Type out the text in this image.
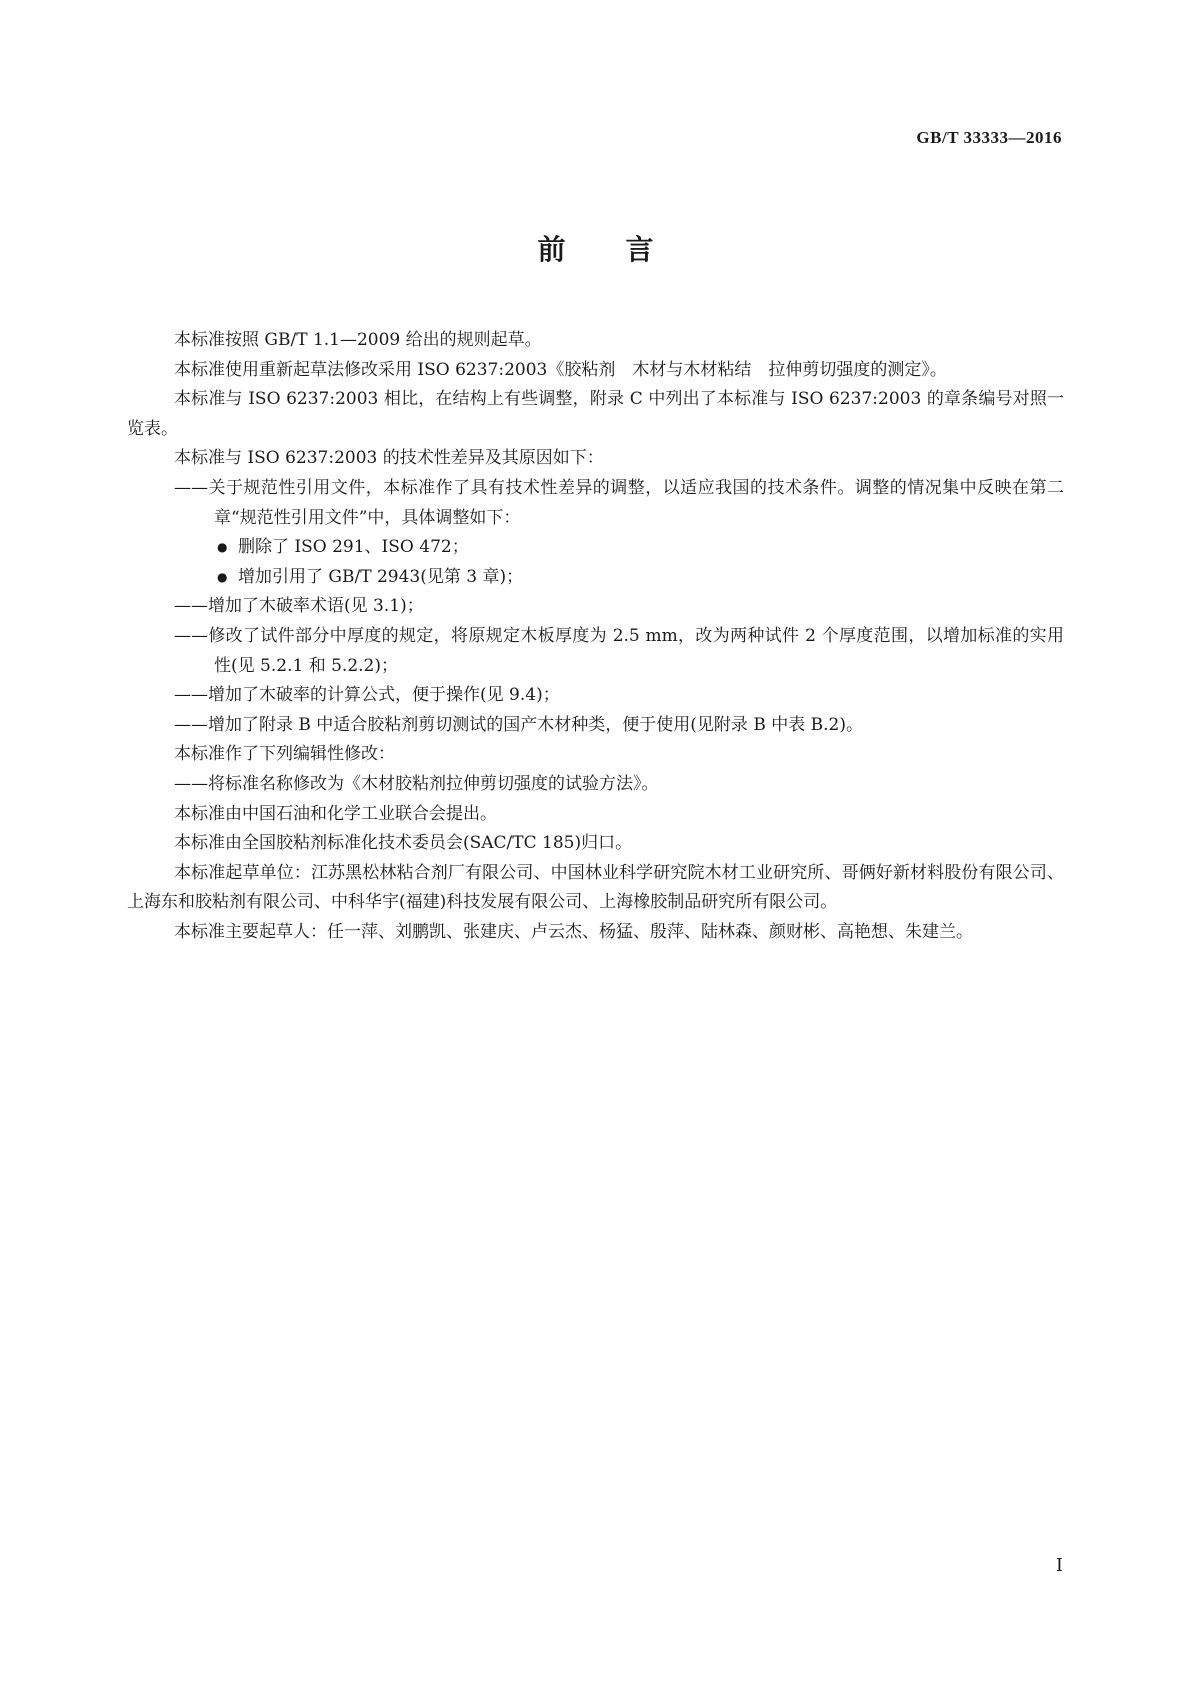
GB/T 33333—2016
前言

本标准按照 GB/T 1.1—2009 给出的规则起草。

本标准使用重新起草法修改采用 ISO 6237:2003《胶粘剂　木材与木材粘结　拉伸剪切强度的测定》。

本标准与 ISO 6237:2003 相比，在结构上有些调整，附录 C 中列出了本标准与 ISO 6237:2003 的章条编号对照一览表。

本标准与 ISO 6237:2003 的技术性差异及其原因如下：

——关于规范性引用文件，本标准作了具有技术性差异的调整，以适应我国的技术条件。调整的情况集中反映在第二章“规范性引用文件”中，具体调整如下：

● 删除了 ISO 291、ISO 472；

● 增加引用了 GB/T 2943(见第 3 章)；

——增加了木破率术语(见 3.1)；

——修改了试件部分中厚度的规定，将原规定木板厚度为 2.5 mm，改为两种试件 2 个厚度范围，以增加标准的实用性(见 5.2.1 和 5.2.2)；

——增加了木破率的计算公式，便于操作(见 9.4)；

——增加了附录 B 中适合胶粘剂剪切测试的国产木材种类，便于使用(见附录 B 中表 B.2)。

本标准作了下列编辑性修改：

——将标准名称修改为《木材胶粘剂拉伸剪切强度的试验方法》。

本标准由中国石油和化学工业联合会提出。

本标准由全国胶粘剂标准化技术委员会(SAC/TC 185)归口。

本标准起草单位：江苏黑松林粘合剂厂有限公司、中国林业科学研究院木材工业研究所、哥俩好新材料股份有限公司、上海东和胶粘剂有限公司、中科华宇(福建)科技发展有限公司、上海橡胶制品研究所有限公司。

本标准主要起草人：任一萍、刘鹏凯、张建庆、卢云杰、杨猛、殷萍、陆林森、颜财彬、高艳想、朱建兰。

I
